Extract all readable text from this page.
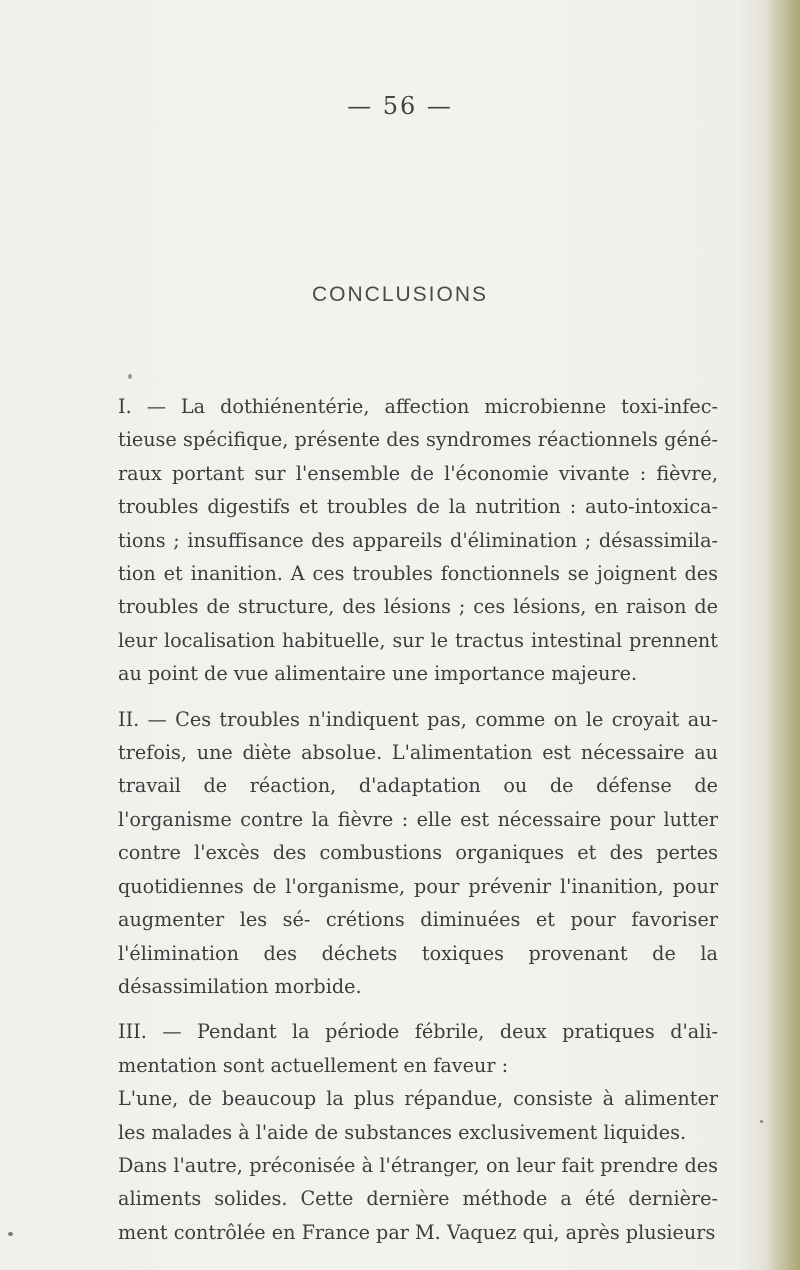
— 56 —
CONCLUSIONS

I. — La dothiénentérie, affection microbienne toxi-infec- tieuse spécifique, présente des syndromes réactionnels géné- raux portant sur l'ensemble de l'économie vivante : fièvre, troubles digestifs et troubles de la nutrition : auto-intoxica- tions ; insuffisance des appareils d'élimination ; désassimila- tion et inanition. A ces troubles fonctionnels se joignent des troubles de structure, des lésions ; ces lésions, en raison de leur localisation habituelle, sur le tractus intestinal prennent au point de vue alimentaire une importance majeure.

II. — Ces troubles n'indiquent pas, comme on le croyait au- trefois, une diète absolue. L'alimentation est nécessaire au travail de réaction, d'adaptation ou de défense de l'organisme contre la fièvre : elle est nécessaire pour lutter contre l'excès des combustions organiques et des pertes quotidiennes de l'organisme, pour prévenir l'inanition, pour augmenter les sé- crétions diminuées et pour favoriser l'élimination des déchets toxiques provenant de la désassimilation morbide.

III. — Pendant la période fébrile, deux pratiques d'ali- mentation sont actuellement en faveur :

L'une, de beaucoup la plus répandue, consiste à alimenter les malades à l'aide de substances exclusivement liquides.

Dans l'autre, préconisée à l'étranger, on leur fait prendre des aliments solides. Cette dernière méthode a été dernière- ment contrôlée en France par M. Vaquez qui, après plusieurs
